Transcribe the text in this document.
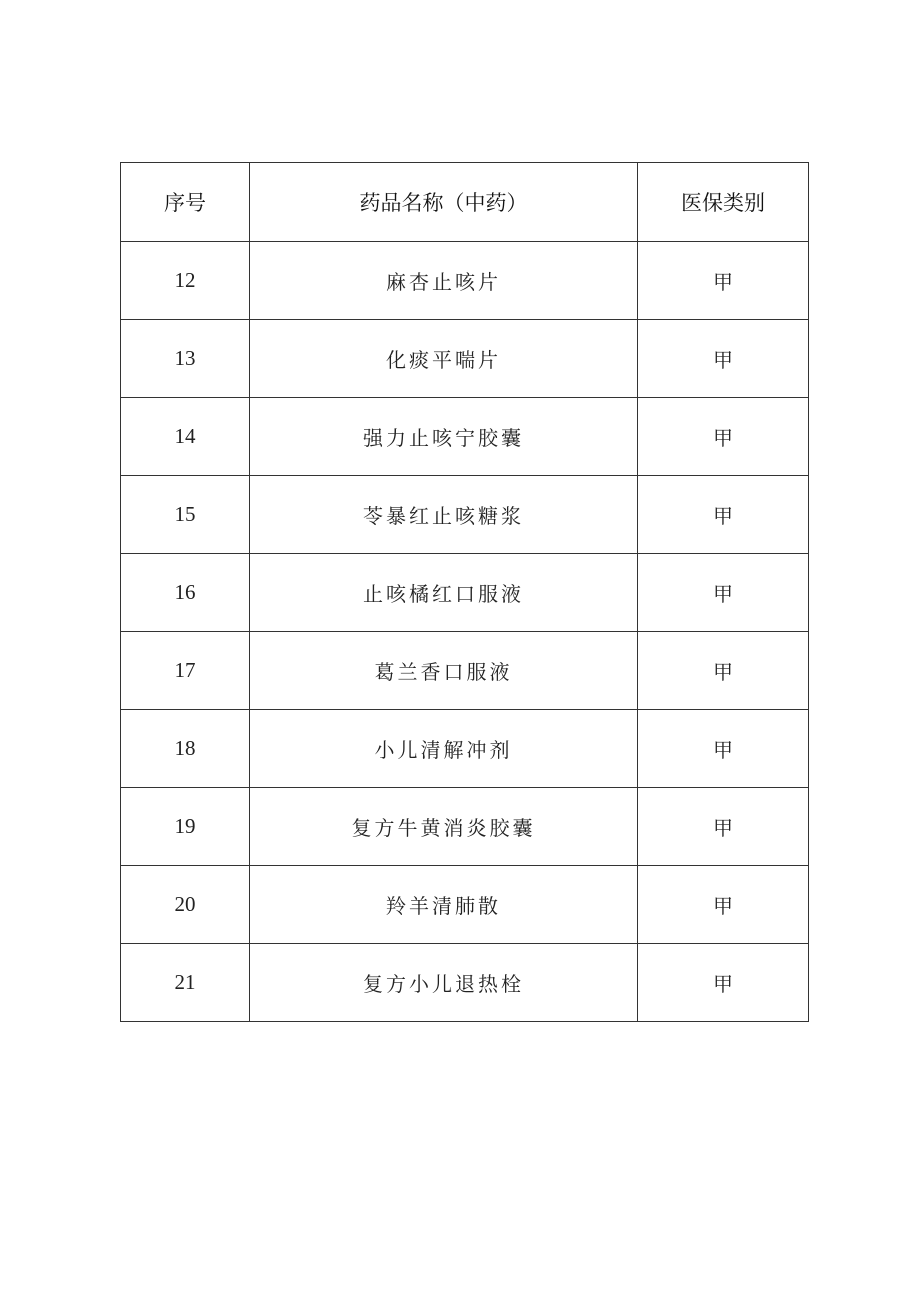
序号	药品名称（中药）	医保类别
12	麻杏止咳片	甲
13	化痰平喘片	甲
14	强力止咳宁胶囊	甲
15	苓暴红止咳糖浆	甲
16	止咳橘红口服液	甲
17	葛兰香口服液	甲
18	小儿清解冲剂	甲
19	复方牛黄消炎胶囊	甲
20	羚羊清肺散	甲
21	复方小儿退热栓	甲
